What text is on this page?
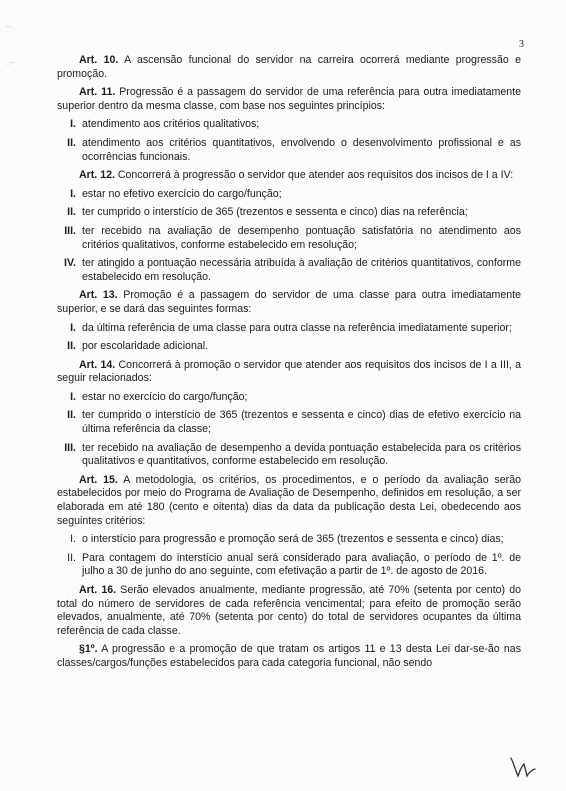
⠒⠄
⠤⠒
3

Art. 10. A ascensão funcional do servidor na carreira ocorrerá mediante progressão e promoção.

Art. 11. Progressão é a passagem do servidor de uma referência para outra imediatamente superior dentro da mesma classe, com base nos seguintes princípios:

I. atendimento aos critérios qualitativos;
II. atendimento aos critérios quantitativos, envolvendo o desenvolvimento profissional e as ocorrências funcionais.

Art. 12. Concorrerá à progressão o servidor que atender aos requisitos dos incisos de I a IV:

I. estar no efetivo exercício do cargo/função;
II. ter cumprido o interstício de 365 (trezentos e sessenta e cinco) dias na referência;
III. ter recebido na avaliação de desempenho pontuação satisfatória no atendimento aos critérios qualitativos, conforme estabelecido em resolução;
IV. ter atingido a pontuação necessária atribuída à avaliação de critérios quantitativos, conforme estabelecido em resolução.

Art. 13. Promoção é a passagem do servidor de uma classe para outra imediatamente superior, e se dará das seguintes formas:

I. da última referência de uma classe para outra classe na referência imediatamente superior;
II. por escolaridade adicional.

Art. 14. Concorrerá à promoção o servidor que atender aos requisitos dos incisos de I a III, a seguir relacionados:

I. estar no exercício do cargo/função;
II. ter cumprido o interstício de 365 (trezentos e sessenta e cinco) dias de efetivo exercício na última referência da classe;
III. ter recebido na avaliação de desempenho a devida pontuação estabelecida para os critérios qualitativos e quantitativos, conforme estabelecido em resolução.

Art. 15. A metodologia, os critérios, os procedimentos, e o período da avaliação serão estabelecidos por meio do Programa de Avaliação de Desempenho, definidos em resolução, a ser elaborada em até 180 (cento e oitenta) dias da data da publicação desta Lei, obedecendo aos seguintes critérios:

I. o interstício para progressão e promoção será de 365 (trezentos e sessenta e cinco) dias;
II. Para contagem do interstício anual será considerado para avaliação, o período de 1º. de julho a 30 de junho do ano seguinte, com efetivação a partir de 1º. de agosto de 2016.

Art. 16. Serão elevados anualmente, mediante progressão, até 70% (setenta por cento) do total do número de servidores de cada referência vencimental; para efeito de promoção serão elevados, anualmente, até 70% (setenta por cento) do total de servidores ocupantes da última referência de cada classe.

§1º. A progressão e a promoção de que tratam os artigos 11 e 13 desta Lei dar-se-ão nas classes/cargos/funções estabelecidos para cada categoria funcional, não sendo
